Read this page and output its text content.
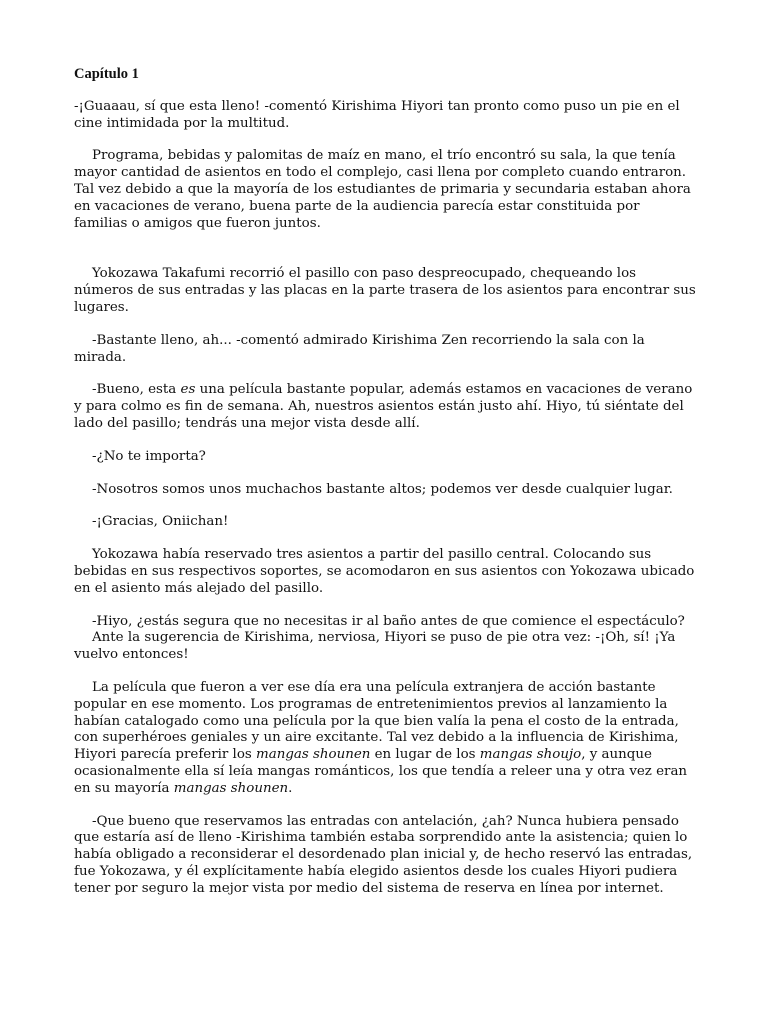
Capítulo 1

-¡Guaaau, sí que esta lleno! -comentó Kirishima Hiyori tan pronto como puso un pie en el cine intimidada por la multitud.

Programa, bebidas y palomitas de maíz en mano, el trío encontró su sala, la que tenía mayor cantidad de asientos en todo el complejo, casi llena por completo cuando entraron. Tal vez debido a que la mayoría de los estudiantes de primaria y secundaria estaban ahora en vacaciones de verano, buena parte de la audiencia parecía estar constituida por familias o amigos que fueron juntos.

Yokozawa Takafumi recorrió el pasillo con paso despreocupado, chequeando los números de sus entradas y las placas en la parte trasera de los asientos para encontrar sus lugares.

-Bastante lleno, ah... -comentó admirado Kirishima Zen recorriendo la sala con la mirada.

-Bueno, esta es una película bastante popular, además estamos en vacaciones de verano y para colmo es fin de semana. Ah, nuestros asientos están justo ahí. Hiyo, tú siéntate del lado del pasillo; tendrás una mejor vista desde allí.

-¿No te importa?

-Nosotros somos unos muchachos bastante altos; podemos ver desde cualquier lugar.

-¡Gracias, Oniichan!

Yokozawa había reservado tres asientos a partir del pasillo central. Colocando sus bebidas en sus respectivos soportes, se acomodaron en sus asientos con Yokozawa ubicado en el asiento más alejado del pasillo.

-Hiyo, ¿estás segura que no necesitas ir al baño antes de que comience el espectáculo?

Ante la sugerencia de Kirishima, nerviosa, Hiyori se puso de pie otra vez: -¡Oh, sí! ¡Ya vuelvo entonces!

La película que fueron a ver ese día era una película extranjera de acción bastante popular en ese momento. Los programas de entretenimientos previos al lanzamiento la habían catalogado como una película por la que bien valía la pena el costo de la entrada, con superhéroes geniales y un aire excitante. Tal vez debido a la influencia de Kirishima, Hiyori parecía preferir los mangas shounen en lugar de los mangas shoujo, y aunque ocasionalmente ella sí leía mangas románticos, los que tendía a releer una y otra vez eran en su mayoría mangas shounen.

-Que bueno que reservamos las entradas con antelación, ¿ah? Nunca hubiera pensado que estaría así de lleno -Kirishima también estaba sorprendido ante la asistencia; quien lo había obligado a reconsiderar el desordenado plan inicial y, de hecho reservó las entradas, fue Yokozawa, y él explícitamente había elegido asientos desde los cuales Hiyori pudiera tener por seguro la mejor vista por medio del sistema de reserva en línea por internet.
